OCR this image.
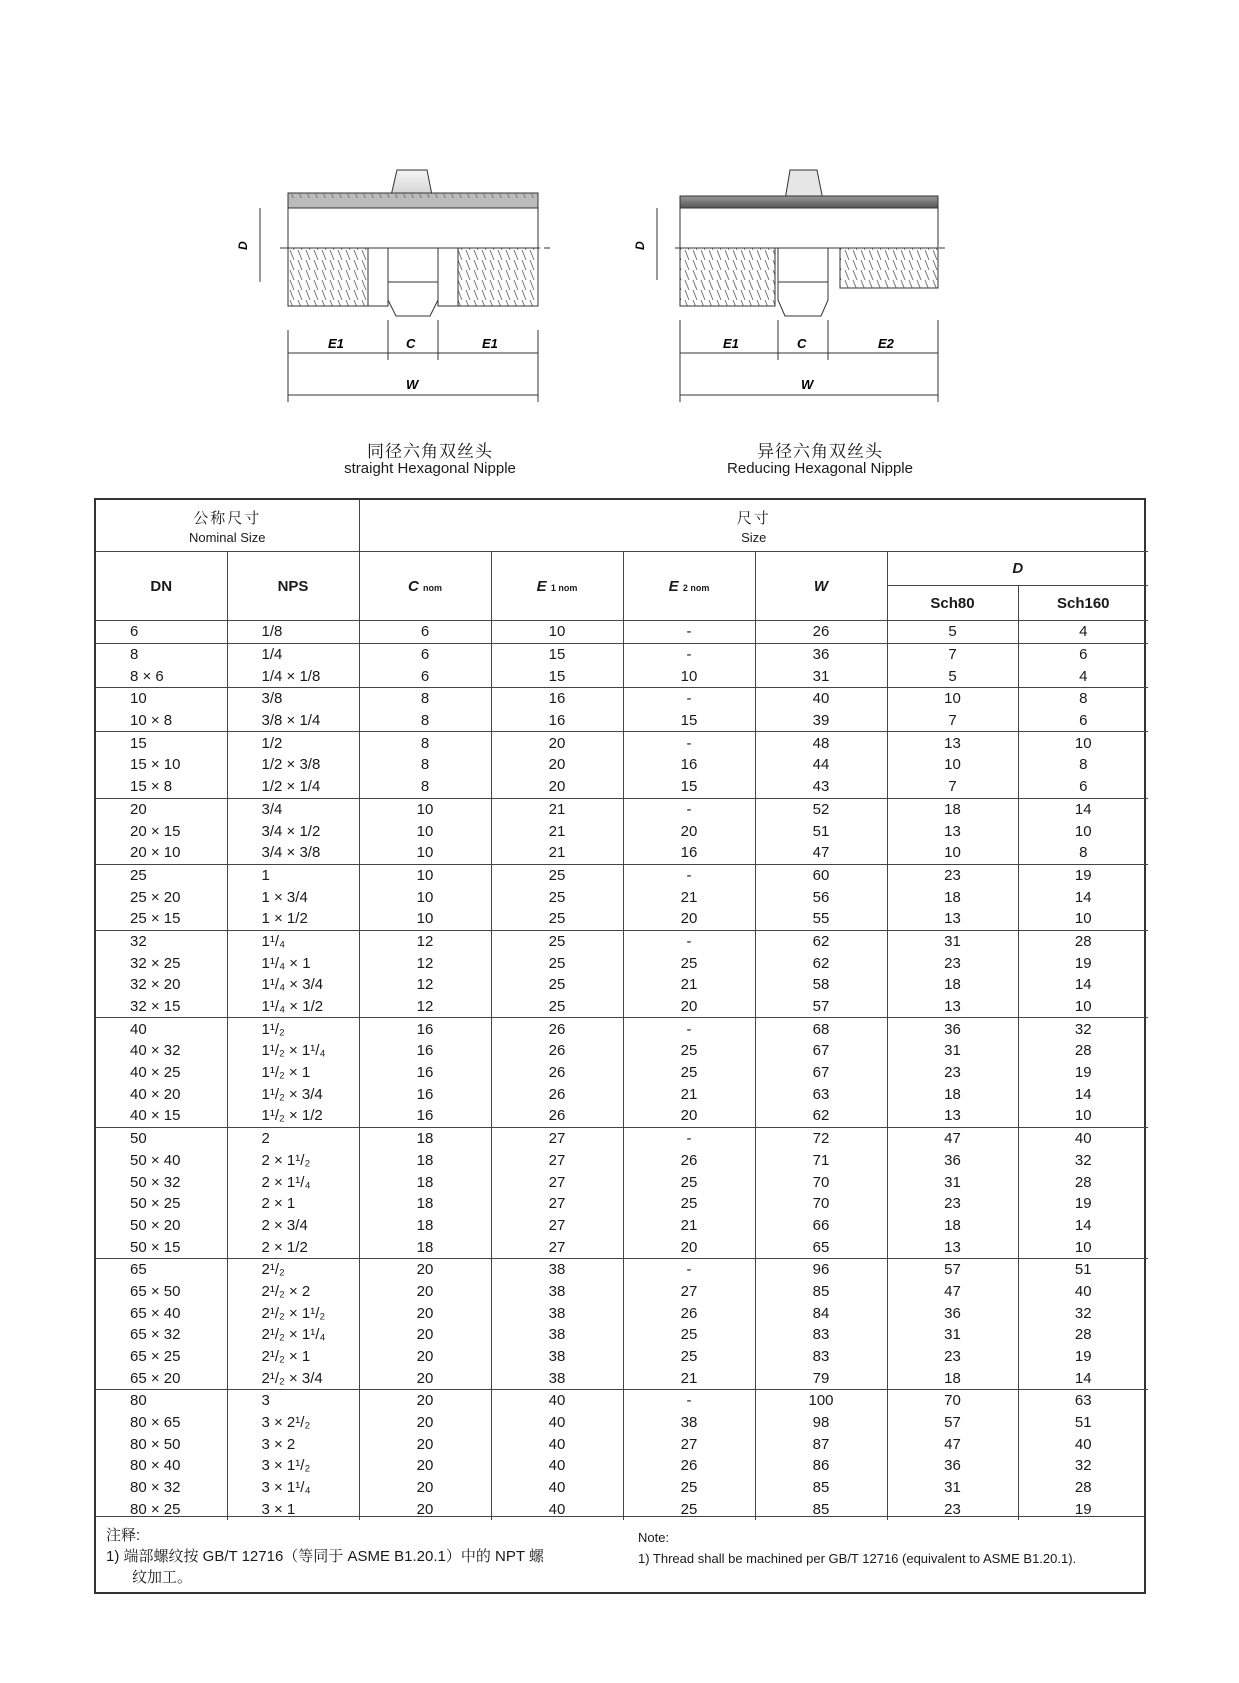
D
E1	C	E1
W
同径六角双丝头
straight Hexagonal Nipple
D
E1	C	E2
W
异径六角双丝头
Reducing Hexagonal Nipple
公称尺寸
Nominal Size		尺寸
Size					

DN	NPS	C nom	E 1 nom	E 2 nom	W	D	
						Sch80	Sch160
6	1/8	6	10	-	26	5	4
8	1/4	6	15	-	36	7	6
8 × 6	1/4 × 1/8	6	15	10	31	5	4
10	3/8	8	16	-	40	10	8
10 × 8	3/8 × 1/4	8	16	15	39	7	6
15	1/2	8	20	-	48	13	10
15 × 10	1/2 × 3/8	8	20	16	44	10	8
15 × 8	1/2 × 1/4	8	20	15	43	7	6
20	3/4	10	21	-	52	18	14
20 × 15	3/4 × 1/2	10	21	20	51	13	10
20 × 10	3/4 × 3/8	10	21	16	47	10	8
25	1	10	25	-	60	23	19
25 × 20	1 × 3/4	10	25	21	56	18	14
25 × 15	1 × 1/2	10	25	20	55	13	10
32	1¹/₄	12	25	-	62	31	28
32 × 25	1¹/₄ × 1	12	25	25	62	23	19
32 × 20	1¹/₄ × 3/4	12	25	21	58	18	14
32 × 15	1¹/₄ × 1/2	12	25	20	57	13	10
40	1¹/₂	16	26	-	68	36	32
40 × 32	1¹/₂ × 1¹/₄	16	26	25	67	31	28
40 × 25	1¹/₂ × 1	16	26	25	67	23	19
40 × 20	1¹/₂ × 3/4	16	26	21	63	18	14
40 × 15	1¹/₂ × 1/2	16	26	20	62	13	10
50	2	18	27	-	72	47	40
50 × 40	2 × 1¹/₂	18	27	26	71	36	32
50 × 32	2 × 1¹/₄	18	27	25	70	31	28
50 × 25	2 × 1	18	27	25	70	23	19
50 × 20	2 × 3/4	18	27	21	66	18	14
50 × 15	2 × 1/2	18	27	20	65	13	10
65	2¹/₂	20	38	-	96	57	51
65 × 50	2¹/₂ × 2	20	38	27	85	47	40
65 × 40	2¹/₂ × 1¹/₂	20	38	26	84	36	32
65 × 32	2¹/₂ × 1¹/₄	20	38	25	83	31	28
65 × 25	2¹/₂ × 1	20	38	25	83	23	19
65 × 20	2¹/₂ × 3/4	20	38	21	79	18	14
80	3	20	40	-	100	70	63
80 × 65	3 × 2¹/₂	20	40	38	98	57	51
80 × 50	3 × 2	20	40	27	87	47	40
80 × 40	3 × 1¹/₂	20	40	26	86	36	32
80 × 32	3 × 1¹/₄	20	40	25	85	31	28
80 × 25	3 × 1	20	40	25	85	23	19
注释:
1) 端部螺纹按 GB/T 12716（等同于 ASME B1.20.1）中的 NPT 螺
纹加工。
Note:
1) Thread shall be machined per GB/T 12716 (equivalent to ASME B1.20.1).
